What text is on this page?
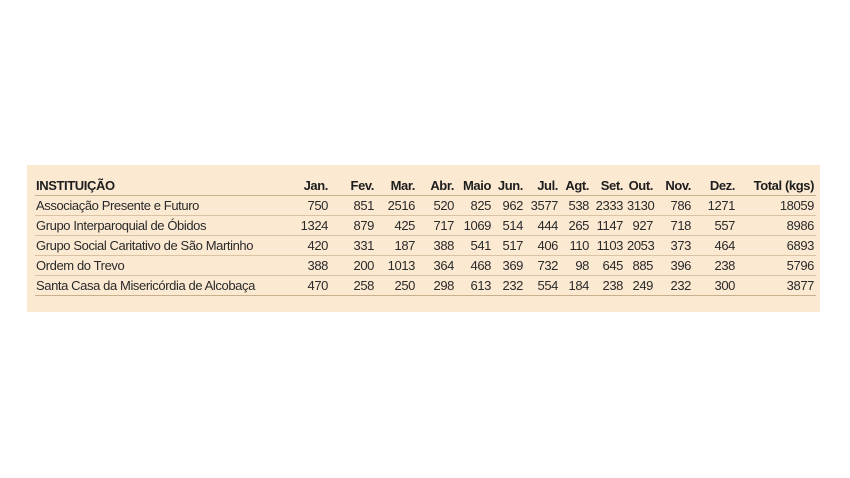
INSTITUIÇÃO	Jan.	Fev.	Mar.	Abr.	Maio	Jun.	Jul.	Agt.	Set.	Out.	Nov.	Dez.	Total (kgs)
Associação Presente e Futuro	750	851	2516	520	825	962	3577	538	2333	3130	786	1271	18059
Grupo Interparoquial de Óbidos	1324	879	425	717	1069	514	444	265	1147	927	718	557	8986
Grupo Social Caritativo de São Martinho	420	331	187	388	541	517	406	110	1103	2053	373	464	6893
Ordem do Trevo	388	200	1013	364	468	369	732	98	645	885	396	238	5796
Santa Casa da Misericórdia de Alcobaça	470	258	250	298	613	232	554	184	238	249	232	300	3877
